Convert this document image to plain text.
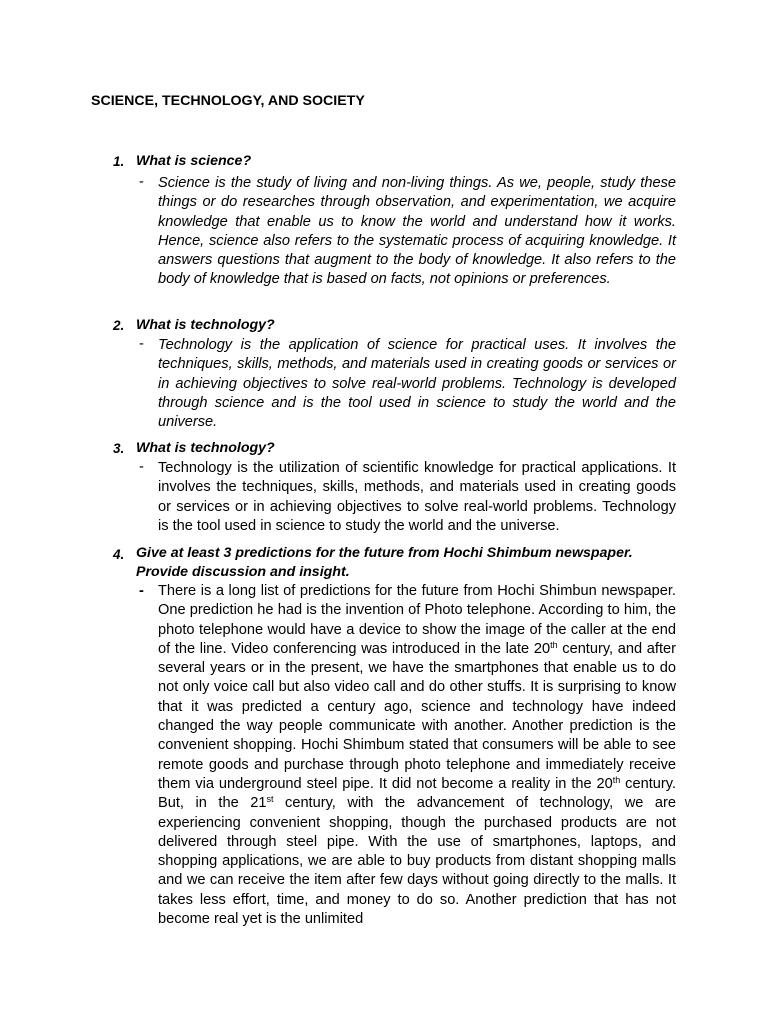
SCIENCE, TECHNOLOGY, AND SOCIETY
1. What is science?
- Science is the study of living and non-living things. As we, people, study these things or do researches through observation, and experimentation, we acquire knowledge that enable us to know the world and understand how it works. Hence, science also refers to the systematic process of acquiring knowledge. It answers questions that augment to the body of knowledge. It also refers to the body of knowledge that is based on facts, not opinions or preferences.
2. What is technology?
- Technology is the application of science for practical uses. It involves the techniques, skills, methods, and materials used in creating goods or services or in achieving objectives to solve real-world problems. Technology is developed through science and is the tool used in science to study the world and the universe.
3. What is technology?
- Technology is the utilization of scientific knowledge for practical applications. It involves the techniques, skills, methods, and materials used in creating goods or services or in achieving objectives to solve real-world problems. Technology is the tool used in science to study the world and the universe.
4. Give at least 3 predictions for the future from Hochi Shimbum newspaper. Provide discussion and insight.
- There is a long list of predictions for the future from Hochi Shimbun newspaper. One prediction he had is the invention of Photo telephone. According to him, the photo telephone would have a device to show the image of the caller at the end of the line. Video conferencing was introduced in the late 20th century, and after several years or in the present, we have the smartphones that enable us to do not only voice call but also video call and do other stuffs. It is surprising to know that it was predicted a century ago, science and technology have indeed changed the way people communicate with another. Another prediction is the convenient shopping. Hochi Shimbum stated that consumers will be able to see remote goods and purchase through photo telephone and immediately receive them via underground steel pipe. It did not become a reality in the 20th century. But, in the 21st century, with the advancement of technology, we are experiencing convenient shopping, though the purchased products are not delivered through steel pipe. With the use of smartphones, laptops, and shopping applications, we are able to buy products from distant shopping malls and we can receive the item after few days without going directly to the malls. It takes less effort, time, and money to do so. Another prediction that has not become real yet is the unlimited
